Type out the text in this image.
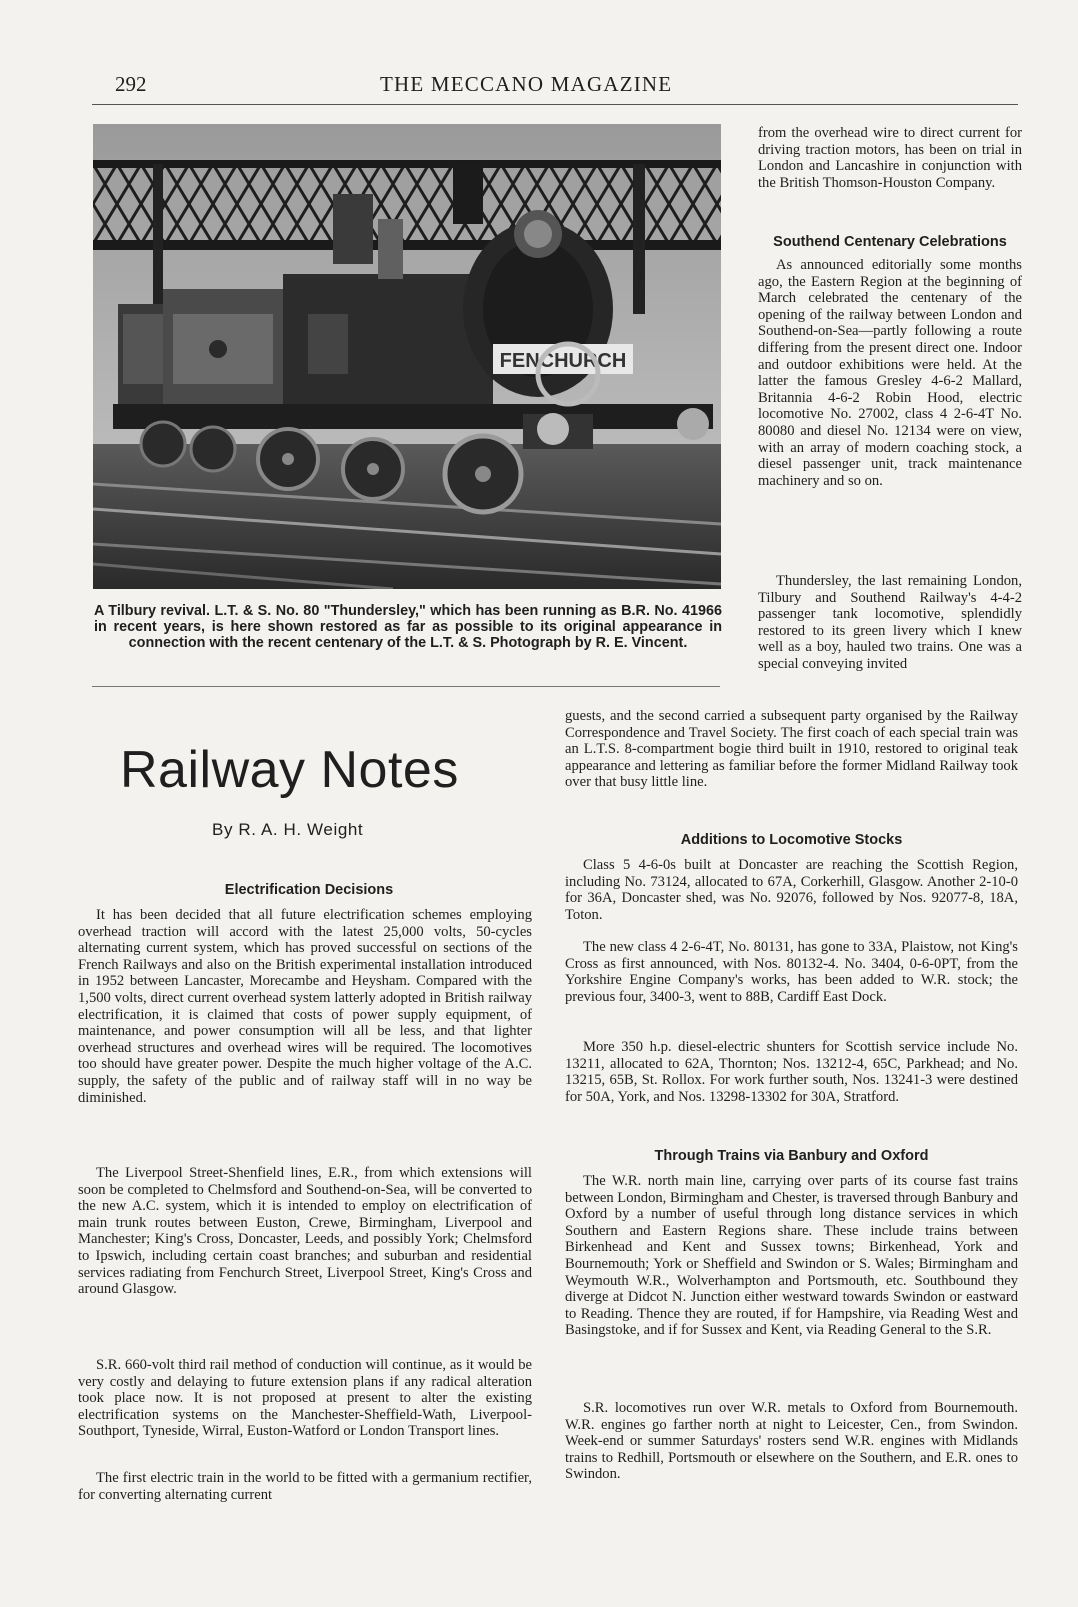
292	THE MECCANO MAGAZINE
FENCHURCH
A Tilbury revival. L.T. & S. No. 80 "Thundersley," which has been running as B.R. No. 41966 in recent years, is here shown restored as far as possible to its original appearance in connection with the recent centenary of the L.T. & S. Photograph by R. E. Vincent.
Railway Notes
By R. A. H. Weight
Electrification Decisions

It has been decided that all future electrification schemes employing overhead traction will accord with the latest 25,000 volts, 50-cycles alternating current system, which has proved successful on sections of the French Railways and also on the British experimental installation introduced in 1952 between Lancaster, Morecambe and Heysham. Compared with the 1,500 volts, direct current overhead system latterly adopted in British railway electrification, it is claimed that costs of power supply equipment, of maintenance, and power consumption will all be less, and that lighter overhead structures and overhead wires will be required. The locomotives too should have greater power. Despite the much higher voltage of the A.C. supply, the safety of the public and of railway staff will in no way be diminished.

The Liverpool Street-Shenfield lines, E.R., from which extensions will soon be completed to Chelmsford and Southend-on-Sea, will be converted to the new A.C. system, which it is intended to employ on electrification of main trunk routes between Euston, Crewe, Birmingham, Liverpool and Manchester; King's Cross, Doncaster, Leeds, and possibly York; Chelmsford to Ipswich, including certain coast branches; and suburban and residential services radiating from Fenchurch Street, Liverpool Street, King's Cross and around Glasgow.

S.R. 660-volt third rail method of conduction will continue, as it would be very costly and delaying to future extension plans if any radical alteration took place now. It is not proposed at present to alter the existing electrification systems on the Manchester-Sheffield-Wath, Liverpool-Southport, Tyneside, Wirral, Euston-Watford or London Transport lines.

The first electric train in the world to be fitted with a germanium rectifier, for converting alternating current

from the overhead wire to direct current for driving traction motors, has been on trial in London and Lancashire in conjunction with the British Thomson-Houston Company.

Southend Centenary Celebrations

As announced editorially some months ago, the Eastern Region at the beginning of March celebrated the centenary of the opening of the railway between London and Southend-on-Sea—partly following a route differing from the present direct one. Indoor and outdoor exhibitions were held. At the latter the famous Gresley 4-6-2 Mallard, Britannia 4-6-2 Robin Hood, electric locomotive No. 27002, class 4 2-6-4T No. 80080 and diesel No. 12134 were on view, with an array of modern coaching stock, a diesel passenger unit, track maintenance machinery and so on.

Thundersley, the last remaining London, Tilbury and Southend Railway's 4-4-2 passenger tank locomotive, splendidly restored to its green livery which I knew well as a boy, hauled two trains. One was a special conveying invited

guests, and the second carried a subsequent party organised by the Railway Correspondence and Travel Society. The first coach of each special train was an L.T.S. 8-compartment bogie third built in 1910, restored to original teak appearance and lettering as familiar before the former Midland Railway took over that busy little line.

Additions to Locomotive Stocks

Class 5 4-6-0s built at Doncaster are reaching the Scottish Region, including No. 73124, allocated to 67A, Corkerhill, Glasgow. Another 2-10-0 for 36A, Doncaster shed, was No. 92076, followed by Nos. 92077-8, 18A, Toton.

The new class 4 2-6-4T, No. 80131, has gone to 33A, Plaistow, not King's Cross as first announced, with Nos. 80132-4. No. 3404, 0-6-0PT, from the Yorkshire Engine Company's works, has been added to W.R. stock; the previous four, 3400-3, went to 88B, Cardiff East Dock.

More 350 h.p. diesel-electric shunters for Scottish service include No. 13211, allocated to 62A, Thornton; Nos. 13212-4, 65C, Parkhead; and No. 13215, 65B, St. Rollox. For work further south, Nos. 13241-3 were destined for 50A, York, and Nos. 13298-13302 for 30A, Stratford.

Through Trains via Banbury and Oxford

The W.R. north main line, carrying over parts of its course fast trains between London, Birmingham and Chester, is traversed through Banbury and Oxford by a number of useful through long distance services in which Southern and Eastern Regions share. These include trains between Birkenhead and Kent and Sussex towns; Birkenhead, York and Bournemouth; York or Sheffield and Swindon or S. Wales; Birmingham and Weymouth W.R., Wolverhampton and Portsmouth, etc. Southbound they diverge at Didcot N. Junction either westward towards Swindon or eastward to Reading. Thence they are routed, if for Hampshire, via Reading West and Basingstoke, and if for Sussex and Kent, via Reading General to the S.R.

S.R. locomotives run over W.R. metals to Oxford from Bournemouth. W.R. engines go farther north at night to Leicester, Cen., from Swindon. Week-end or summer Saturdays' rosters send W.R. engines with Midlands trains to Redhill, Portsmouth or elsewhere on the Southern, and E.R. ones to Swindon.
